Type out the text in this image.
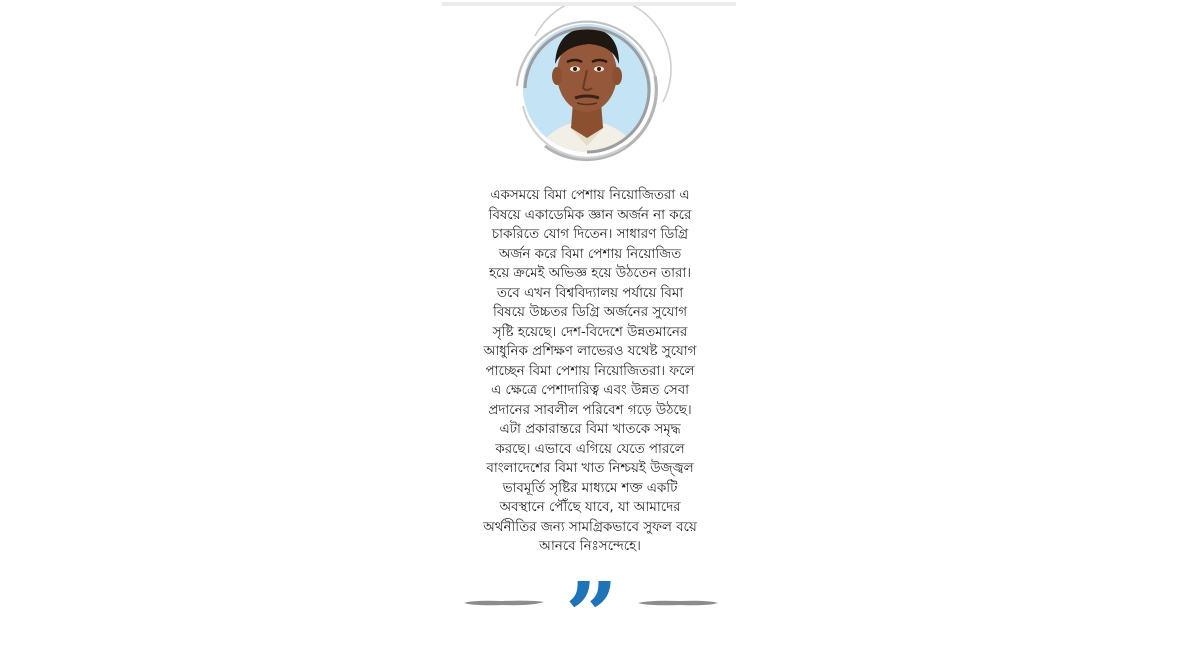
একসময়ে বিমা পেশায় নিয়োজিতরা এ
বিষয়ে একাডেমিক জ্ঞান অর্জন না করে
চাকরিতে যোগ দিতেন। সাধারণ ডিগ্রি
অর্জন করে বিমা পেশায় নিয়োজিত
হয়ে ক্রমেই অভিজ্ঞ হয়ে উঠতেন তারা।
তবে এখন বিশ্ববিদ্যালয় পর্যায়ে বিমা
বিষয়ে উচ্চতর ডিগ্রি অর্জনের সুযোগ
সৃষ্টি হয়েছে। দেশ-বিদেশে উন্নতমানের
আধুনিক প্রশিক্ষণ লাভেরও যথেষ্ট সুযোগ
পাচ্ছেন বিমা পেশায় নিয়োজিতরা। ফলে
এ ক্ষেত্রে পেশাদারিত্ব এবং উন্নত সেবা
প্রদানের সাবলীল পরিবেশ গড়ে উঠছে।
এটা প্রকারান্তরে বিমা খাতকে সমৃদ্ধ
করছে। এভাবে এগিয়ে যেতে পারলে
বাংলাদেশের বিমা খাত নিশ্চয়ই উজ্জ্বল
ভাবমূর্তি সৃষ্টির মাধ্যমে শক্ত একটি
অবস্থানে পৌঁছে যাবে, যা আমাদের
অর্থনীতির জন্য সামগ্রিকভাবে সুফল বয়ে
আনবে নিঃসন্দেহে।
”
